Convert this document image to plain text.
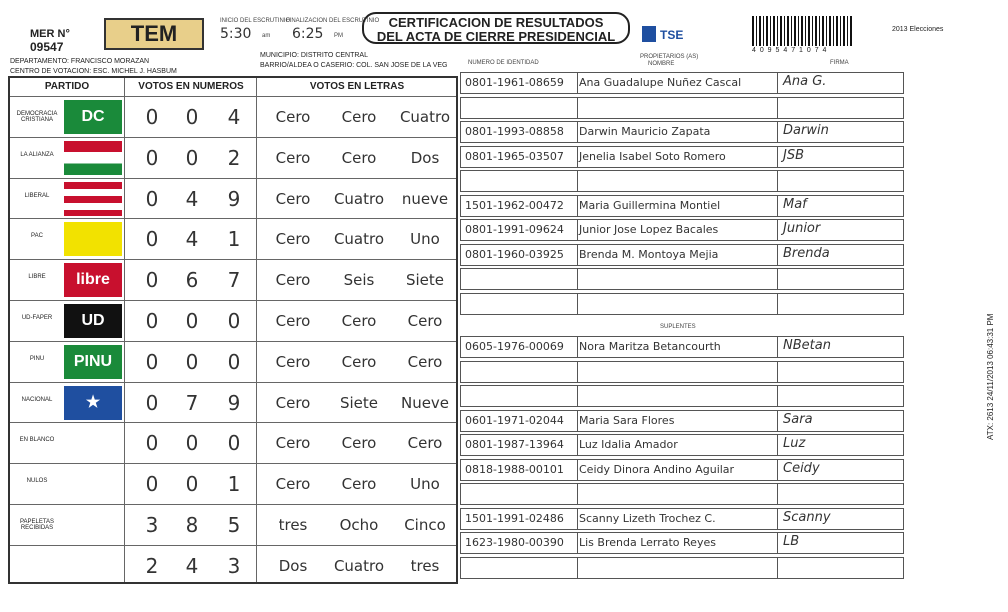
MER N°
09547
TEM
DEPARTAMENTO: FRANCISCO MORAZAN
CENTRO DE VOTACION: ESC. MICHEL J. HASBUM
INICIO DEL ESCRUTINIO
FINALIZACION DEL ESCRUTINIO
5:30 am 6:25 PM
CERTIFICACION DE RESULTADOS
DEL ACTA DE CIERRE PRESIDENCIAL
MUNICIPIO: DISTRITO CENTRAL
BARRIO/ALDEA O CASERIO: COL. SAN JOSE DE LA VEG
TSE
4 0 9 5 4 7 1 0 7 4
2013 Elecciones
NUMERO DE IDENTIDAD
PROPIETARIOS (AS)
NOMBRE	FIRMA
PARTIDO	VOTOS EN NUMEROS	VOTOS EN LETRAS
DEMOCRACIA CRISTIANA	DC	0	0	4	Cero	Cero	Cuatro
LA ALIANZA	0	0	2	Cero	Cero	Dos
LIBERAL	0	4	9	Cero	Cuatro	nueve
PAC	0	4	1	Cero	Cuatro	Uno
LIBRE	libre	0	6	7	Cero	Seis	Siete
UD-FAPER	UD	0	0	0	Cero	Cero	Cero
PINU	PINU	0	0	0	Cero	Cero	Cero
NACIONAL	★	0	7	9	Cero	Siete	Nueve
EN BLANCO	0	0	0	Cero	Cero	Cero
NULOS	0	0	1	Cero	Cero	Uno
PAPELETAS RECIBIDAS	3	8	5	tres	Ocho	Cinco
2	4	3	Dos	Cuatro	tres
0801-1961-08659 Ana Guadalupe Nuñez Cascal	Ana G.
0801-1993-08858 Darwin Mauricio Zapata	Darwin
0801-1965-03507 Jenelia Isabel Soto Romero	JSB
1501-1962-00472 Maria Guillermina Montiel	Maf
0801-1991-09624 Junior Jose Lopez Bacales	Junior
0801-1960-03925 Brenda M. Montoya Mejia	Brenda
SUPLENTES
0605-1976-00069 Nora Maritza Betancourth	NBetan
0601-1971-02044 Maria Sara Flores	Sara
0801-1987-13964 Luz Idalia Amador	Luz
0818-1988-00101 Ceidy Dinora Andino Aguilar	Ceidy
1501-1991-02486 Scanny Lizeth Trochez C.	Scanny
1623-1980-00390 Lis Brenda Lerrato Reyes	LB
ATX: 2613 24/11/2013 06:43:31 PM
